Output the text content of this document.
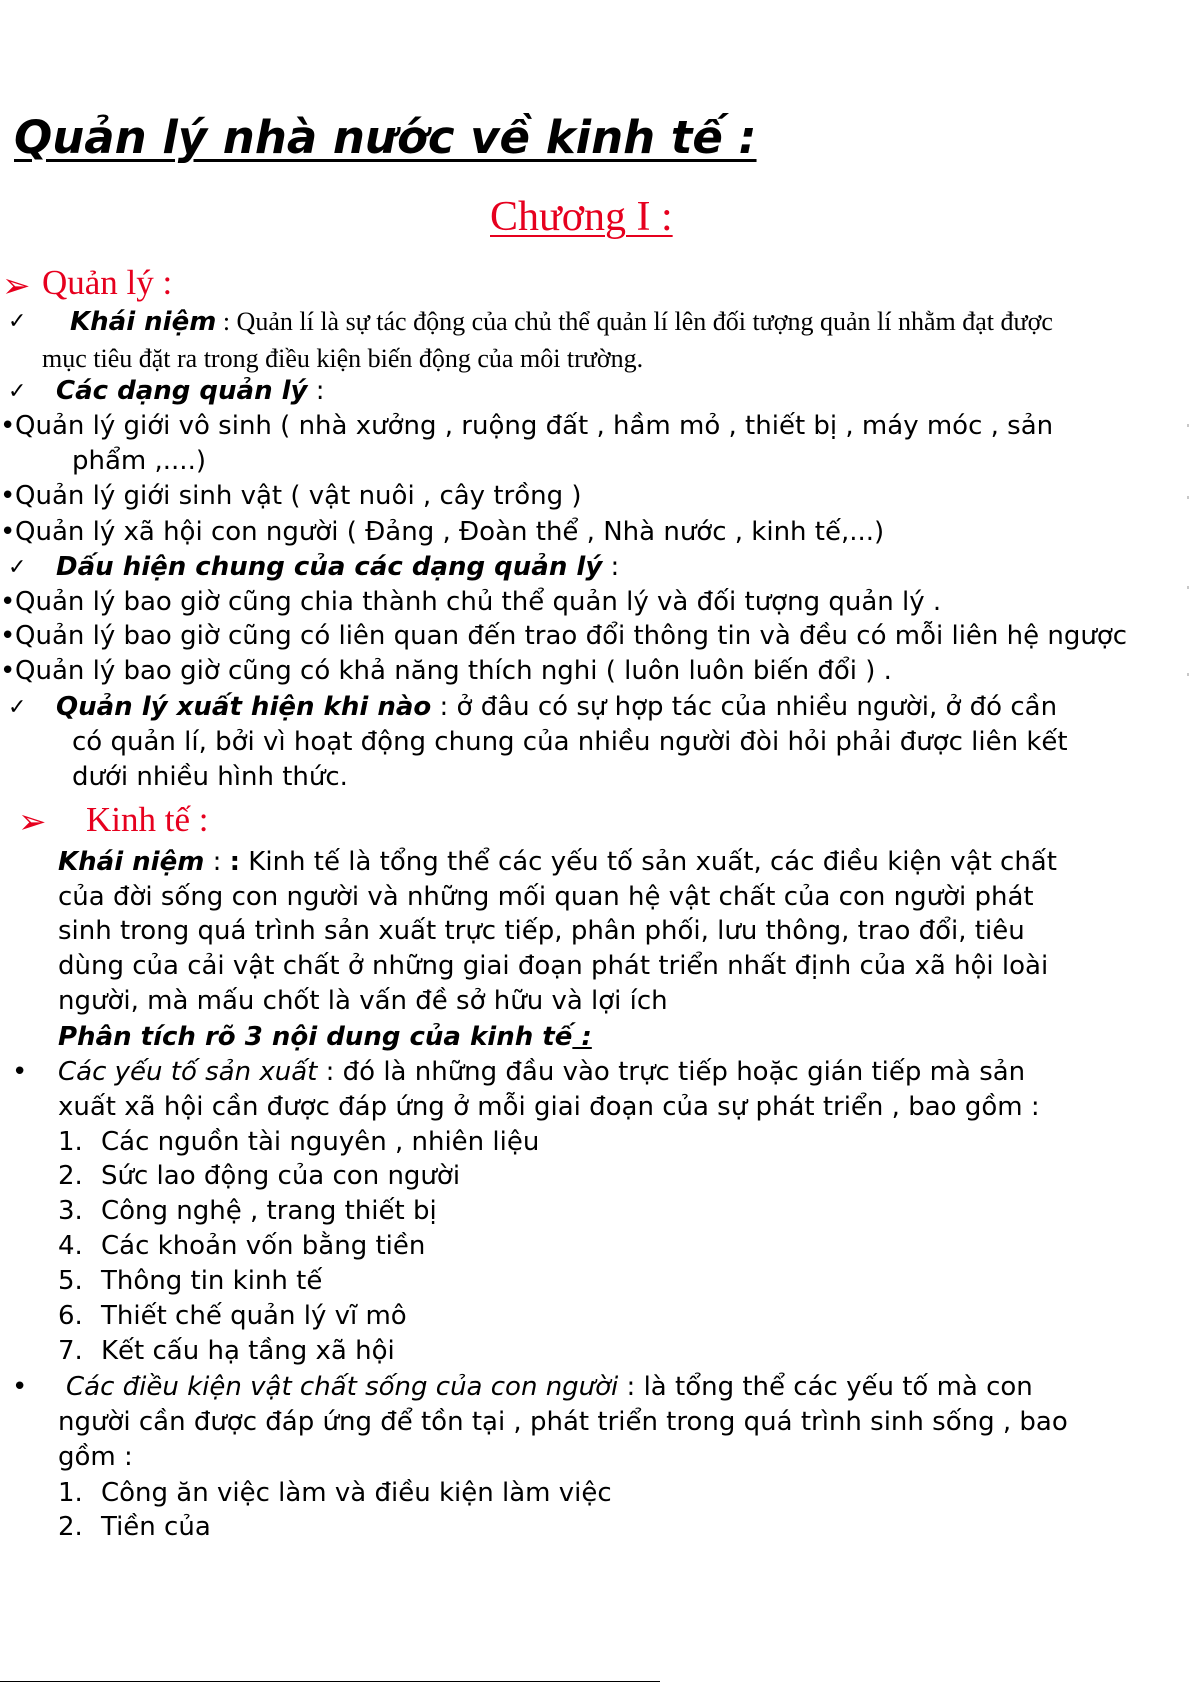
Quản lý nhà nước về kinh tế :
Chương I :
➢ Quản lý :
✓ Khái niệm : Quản lí là sự tác động của chủ thể quản lí lên đối tượng quản lí nhằm đạt được
mục tiêu đặt ra trong điều kiện biến động của môi trường.
✓ Các dạng quản lý :
• Quản lý giới vô sinh ( nhà xưởng , ruộng đất , hầm mỏ , thiết bị , máy móc , sản
phẩm ,....)
• Quản lý giới sinh vật ( vật nuôi , cây trồng )
• Quản lý xã hội con người ( Đảng , Đoàn thể , Nhà nước , kinh tế,...)
✓ Dấu hiện chung của các dạng quản lý :
• Quản lý bao giờ cũng chia thành chủ thể quản lý và đối tượng quản lý .
• Quản lý bao giờ cũng có liên quan đến trao đổi thông tin và đều có mỗi liên hệ ngược
• Quản lý bao giờ cũng có khả năng thích nghi ( luôn luôn biến đổi ) .
✓ Quản lý xuất hiện khi nào : ở đâu có sự hợp tác của nhiều người, ở đó cần
có quản lí, bởi vì hoạt động chung của nhiều người đòi hỏi phải được liên kết
dưới nhiều hình thức.
➢ Kinh tế :
Khái niệm : : Kinh tế là tổng thể các yếu tố sản xuất, các điều kiện vật chất
của đời sống con người và những mối quan hệ vật chất của con người phát
sinh trong quá trình sản xuất trực tiếp, phân phối, lưu thông, trao đổi, tiêu
dùng của cải vật chất ở những giai đoạn phát triển nhất định của xã hội loài
người, mà mấu chốt là vấn đề sở hữu và lợi ích
Phân tích rõ 3 nội dung của kinh tế :
• Các yếu tố sản xuất : đó là những đầu vào trực tiếp hoặc gián tiếp mà sản
xuất xã hội cần được đáp ứng ở mỗi giai đoạn của sự phát triển , bao gồm :
1. Các nguồn tài nguyên , nhiên liệu
2. Sức lao động của con người
3. Công nghệ , trang thiết bị
4. Các khoản vốn bằng tiền
5. Thông tin kinh tế
6. Thiết chế quản lý vĩ mô
7. Kết cấu hạ tầng xã hội
• Các điều kiện vật chất sống của con người : là tổng thể các yếu tố mà con
người cần được đáp ứng để tồn tại , phát triển trong quá trình sinh sống , bao
gồm :
1. Công ăn việc làm và điều kiện làm việc
2. Tiền của
